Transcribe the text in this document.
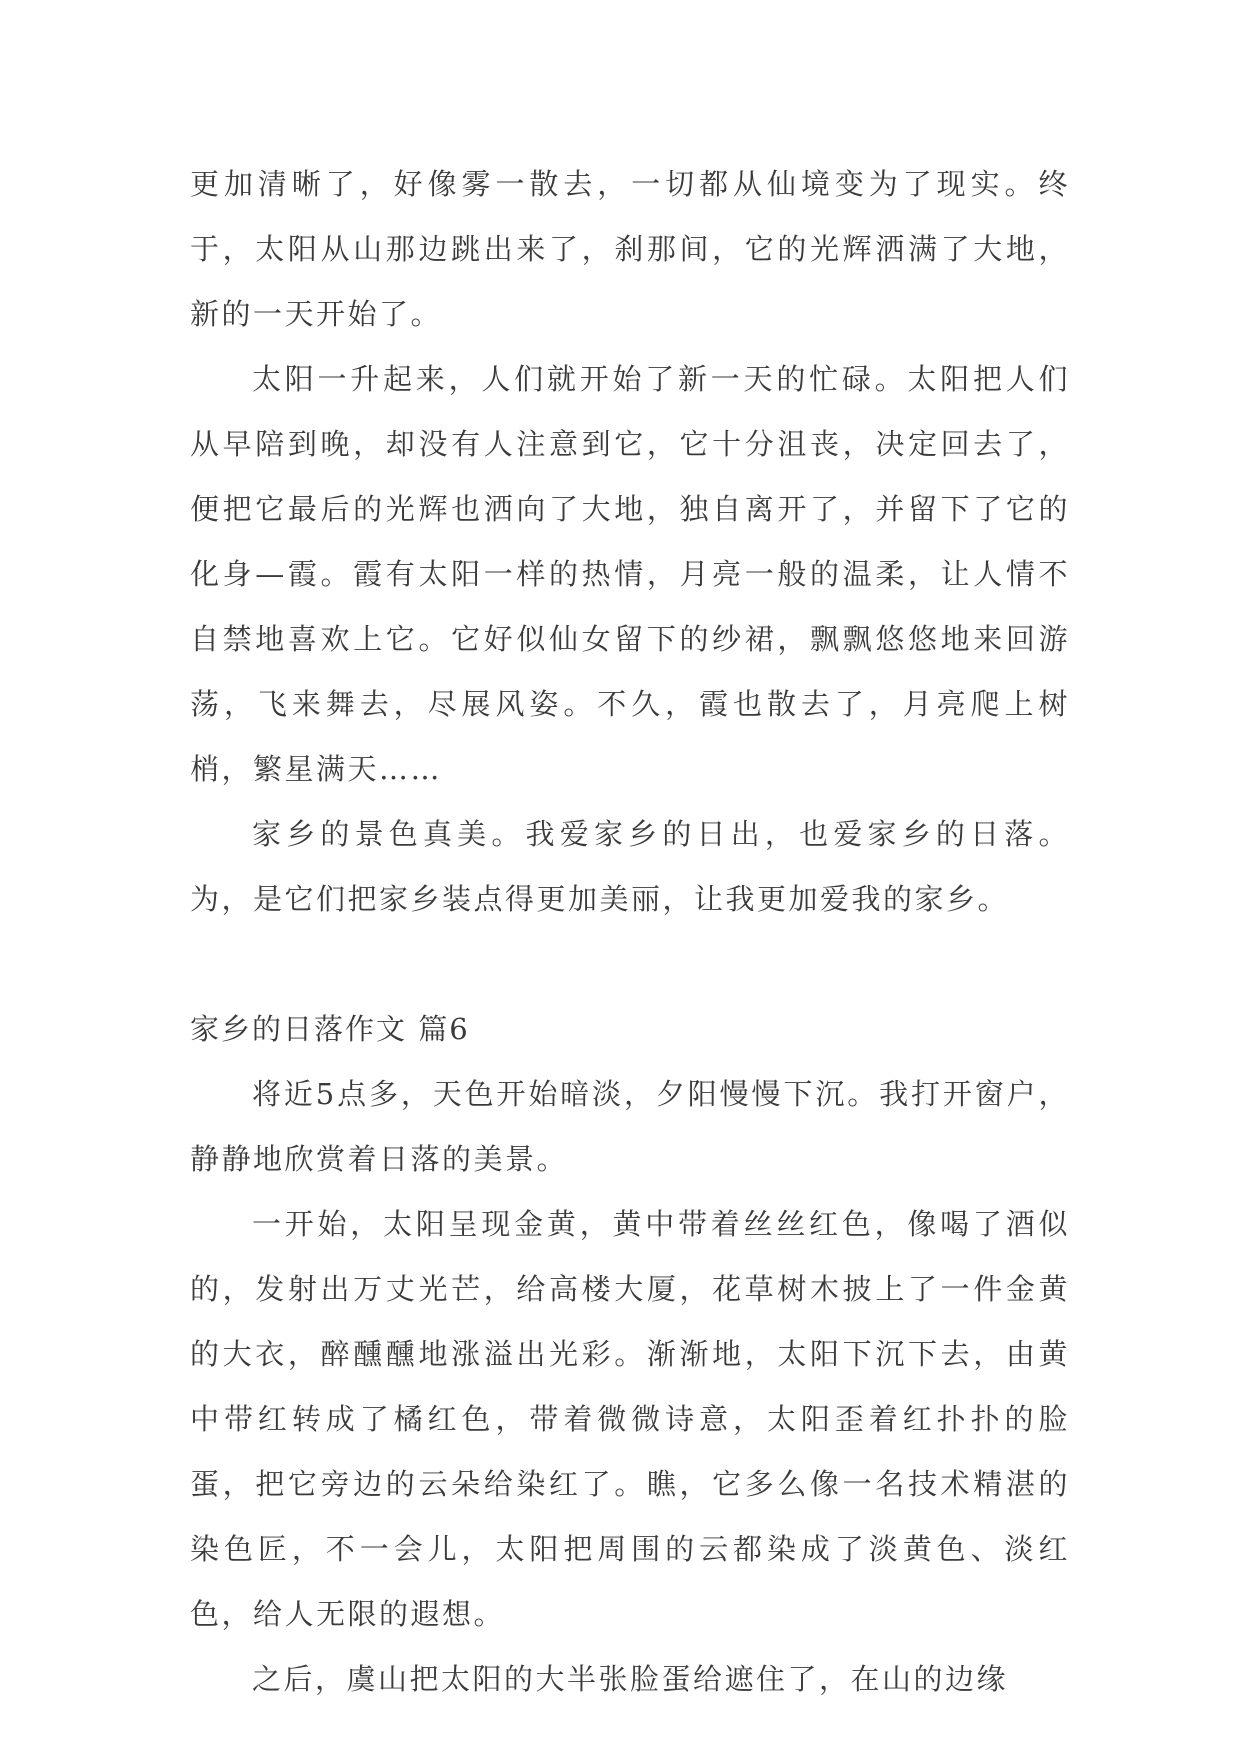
更加清晰了，好像雾一散去，一切都从仙境变为了现实。终于，太阳从山那边跳出来了，刹那间，它的光辉洒满了大地，新的一天开始了。

太阳一升起来，人们就开始了新一天的忙碌。太阳把人们从早陪到晚，却没有人注意到它，它十分沮丧，决定回去了，便把它最后的光辉也洒向了大地，独自离开了，并留下了它的化身—霞。霞有太阳一样的热情，月亮一般的温柔，让人情不自禁地喜欢上它。它好似仙女留下的纱裙，飘飘悠悠地来回游荡，飞来舞去，尽展风姿。不久，霞也散去了，月亮爬上树梢，繁星满天……

家乡的景色真美。我爱家乡的日出，也爱家乡的日落。为，是它们把家乡装点得更加美丽，让我更加爱我的家乡。

家乡的日落作文 篇6

将近5点多，天色开始暗淡，夕阳慢慢下沉。我打开窗户，静静地欣赏着日落的美景。

一开始，太阳呈现金黄，黄中带着丝丝红色，像喝了酒似的，发射出万丈光芒，给高楼大厦，花草树木披上了一件金黄的大衣，醉醺醺地涨溢出光彩。渐渐地，太阳下沉下去，由黄中带红转成了橘红色，带着微微诗意，太阳歪着红扑扑的脸蛋，把它旁边的云朵给染红了。瞧，它多么像一名技术精湛的染色匠，不一会儿，太阳把周围的云都染成了淡黄色、淡红色，给人无限的遐想。

之后，虞山把太阳的大半张脸蛋给遮住了，在山的边缘
